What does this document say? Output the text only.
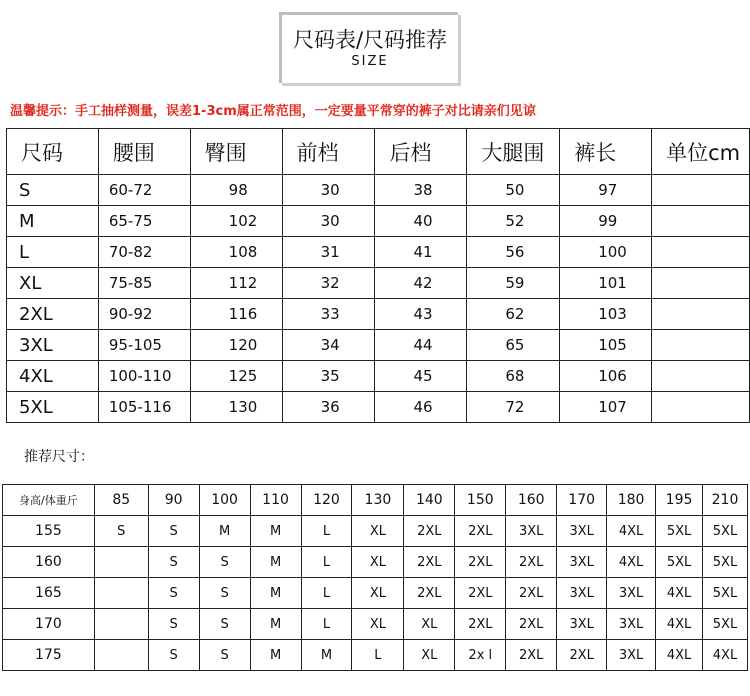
尺码表/尺码推荐
SIZE
温馨提示：手工抽样测量，误差1-3cm属正常范围，一定要量平常穿的裤子对比请亲们见谅
尺码	腰围	臀围	前档	后档	大腿围	裤长	单位cm
S	60-72	98	30	38	50	97	
M	65-75	102	30	40	52	99	
L	70-82	108	31	41	56	100	
XL	75-85	112	32	42	59	101	
2XL	90-92	116	33	43	62	103	
3XL	95-105	120	34	44	65	105	
4XL	100-110	125	35	45	68	106	
5XL	105-116	130	36	46	72	107	
推荐尺寸：
身高/体重斤	85	90	100	110	120	130	140	150	160	170	180	195	210
155	S	S	M	M	L	XL	2XL	2XL	3XL	3XL	4XL	5XL	5XL
160		S	S	M	L	XL	2XL	2XL	2XL	3XL	4XL	5XL	5XL
165		S	S	M	L	XL	2XL	2XL	2XL	3XL	3XL	4XL	5XL
170		S	S	M	L	XL	XL	2XL	2XL	3XL	3XL	4XL	5XL
175		S	S	M	M	L	XL	2x l	2XL	2XL	3XL	4XL	4XL
